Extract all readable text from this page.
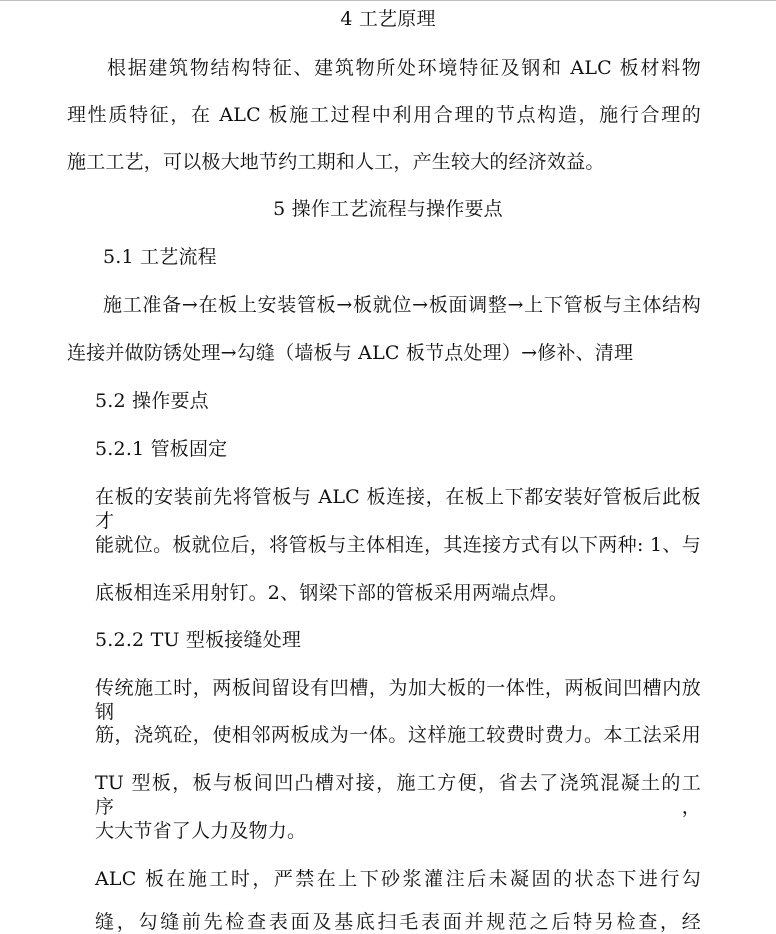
4 工艺原理
根据建筑物结构特征、建筑物所处环境特征及钢和 ALC 板材料物
理性质特征，在 ALC 板施工过程中利用合理的节点构造，施行合理的
施工工艺，可以极大地节约工期和人工，产生较大的经济效益。
5 操作工艺流程与操作要点
5.1 工艺流程
施工准备→在板上安装管板→板就位→板面调整→上下管板与主体结构
连接并做防锈处理→勾缝（墙板与 ALC 板节点处理）→修补、清理
5.2 操作要点
5.2.1 管板固定
在板的安装前先将管板与 ALC 板连接，在板上下都安装好管板后此板才
能就位。板就位后，将管板与主体相连，其连接方式有以下两种: 1、与
底板相连采用射钉。2、钢梁下部的管板采用两端点焊。
5.2.2 TU 型板接缝处理
传统施工时，两板间留设有凹槽，为加大板的一体性，两板间凹槽内放钢
筋，浇筑砼，使相邻两板成为一体。这样施工较费时费力。本工法采用
TU 型板，板与板间凹凸槽对接，施工方便，省去了浇筑混凝土的工序，
大大节省了人力及物力。
ALC 板在施工时，严禁在上下砂浆灌注后未凝固的状态下进行勾
缝，勾缝前先检查表面及基底扫毛表面并规范之后特另检查，经
